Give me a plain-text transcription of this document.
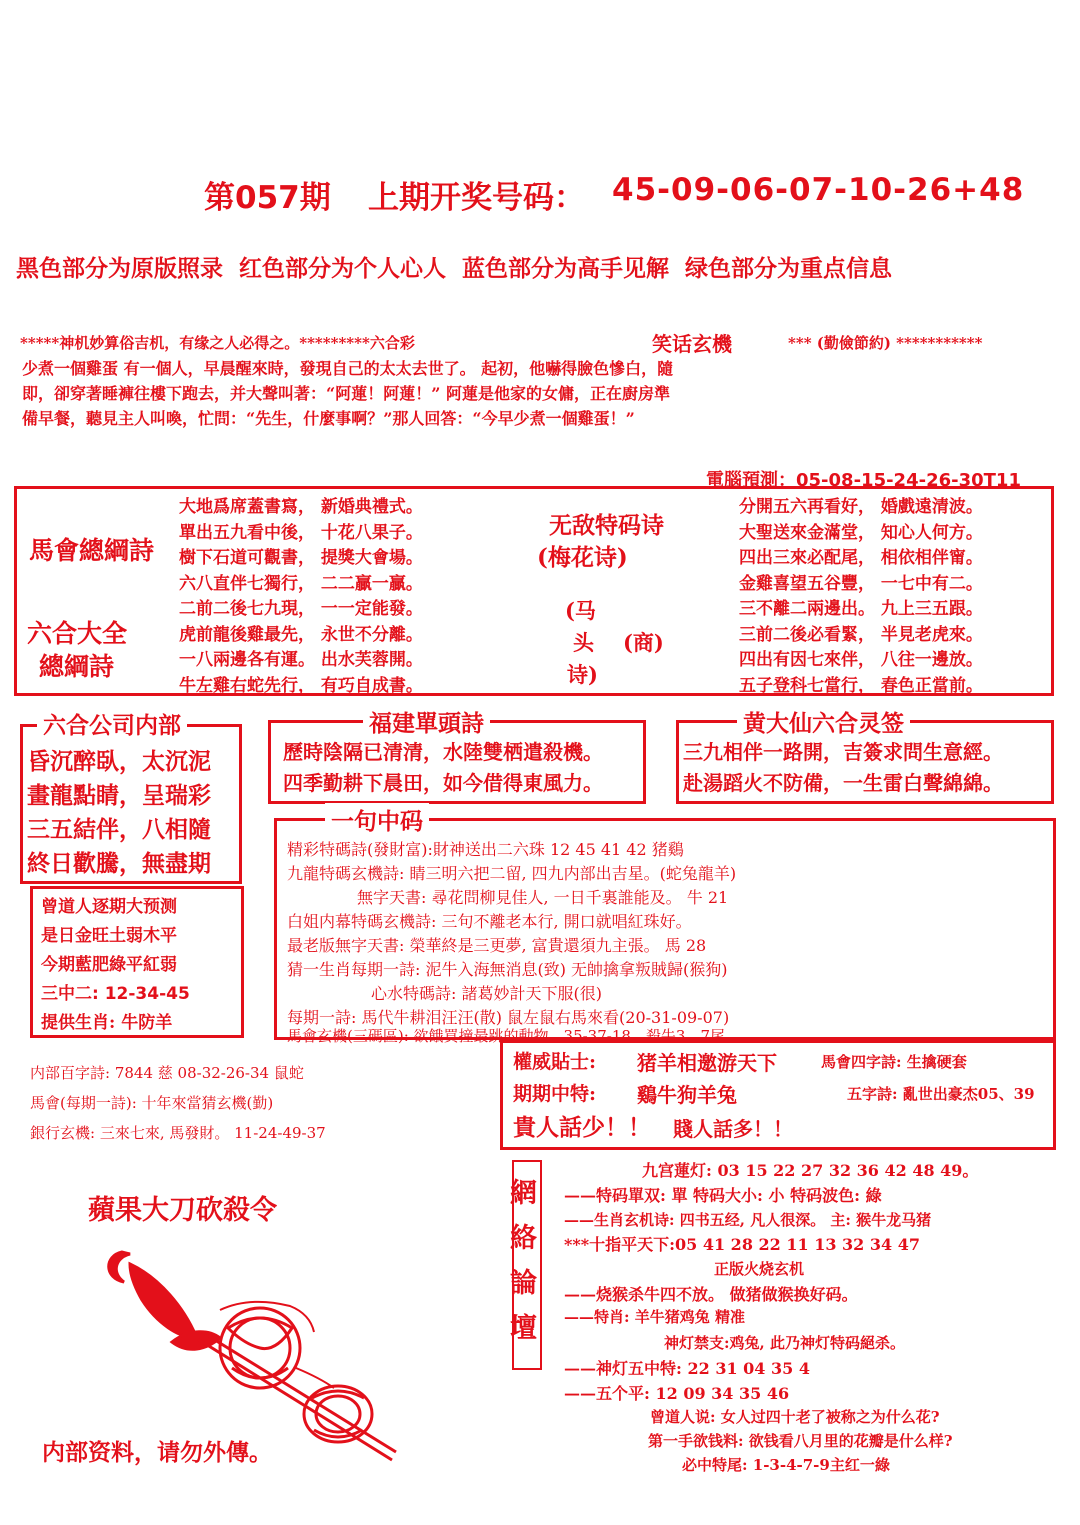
第057期 上期开奖号码： 45-09-06-07-10-26+48
黑色部分为原版照录  红色部分为个人心人  蓝色部分为高手见解  绿色部分为重点信息
*****神机妙算俗吉机，有缘之人必得之。*********六合彩	笑话玄機	*** (勤儉節約) ***********
少煮一個雞蛋 有一個人，早晨醒來時，發現自己的太太去世了。 起初，他嚇得臉色慘白，隨
即，卻穿著睡褲往樓下跑去，并大聲叫著：“阿蓮！阿蓮！” 阿蓮是他家的女傭，正在廚房準
備早餐，聽見主人叫喚，忙問：“先生，什麼事啊？”那人回答：“今早少煮一個雞蛋！”
電腦預測：05-08-15-24-26-30T11
馬會總綱詩
六合大全
總綱詩
大地爲席蓋書寫， 新婚典禮式。
單出五九看中後， 十花八果子。
樹下石道可觀書， 提獎大會場。
六八直伴七獨行， 二二贏一贏。
二前二後七九現， 一一定能發。
虎前龍後雞最先， 永世不分離。
一八兩邊各有運。 出水芙蓉開。
牛左雞右蛇先行， 有巧自成書。
无敌特码诗
(梅花诗)
(马
头
诗)
(商)
分開五六再看好， 婚戲遠清波。
大聖送來金滿堂， 知心人何方。
四出三來必配尾， 相依相伴甯。
金雞喜望五谷豐， 一七中有二。
三不離二兩邊出。 九上三五跟。
三前二後必看緊， 半見老虎來。
四出有因七來伴， 八往一邊放。
五子登科七當行， 春色正當前。
六合公司内部
昏沉醉臥，太沉泥
畫龍點睛，呈瑞彩
三五結伴，八相隨
終日歡騰，無盡期
福建單頭詩
歷時陰隔已清清，水陸雙栖遣殺機。
四季勤耕下晨田，如今借得東風力。
黄大仙六合灵签
三九相伴一路開，吉簽求問生意經。
赴湯蹈火不防備，一生雷白聲綿綿。
曾道人逐期大预测
是日金旺土弱木平
今期藍肥綠平紅弱
三中二: 12-34-45
提供生肖: 牛防羊
一句中码
精彩特碼詩(發財富):財神送出二六珠 12 45 41 42 猪鷄
九龍特碼玄機詩: 睛三明六把二留, 四九内部出吉星。(蛇兔龍羊)
無字天書: 尋花問柳見佳人, 一日千裏誰能及。 牛 21
白姐内幕特碼玄機詩: 三句不離老本行, 開口就唱紅珠好。
最老版無字天書: 榮華終是三更夢, 富貴還須九主張。 馬 28
猜一生肖每期一詩: 泥牛入海無消息(致) 无帥擒拿叛賊歸(猴狗)
心水特碼詩: 諸葛妙計天下服(很)
每期一詩: 馬代牛耕泪汪汪(散) 鼠左鼠右馬來看(20-31-09-07)
馬會玄機(三碼區): 欲餓買撞最跳的動物。35-37-18。殺牛3、7尾
内部百字詩: 7844 慈 08-32-26-34 鼠蛇
馬會(每期一詩): 十年來當猜玄機(勤)
銀行玄機: 三來七來, 馬發財。 11-24-49-37
權威貼士: 猪羊相邀游天下	馬會四字詩: 生擒硬套
期期中特: 鷄牛狗羊兔	五字詩: 亂世出豪杰05、39
貴人話少！！ 賤人話多！！
蘋果大刀砍殺令
内部资料，请勿外傳。
網絡論壇
九宫蓮灯: 03 15 22 27 32 36 42 48 49。
——特码單双: 單 特码大小: 小 特码波色: 綠
——生肖玄机诗: 四书五经, 凡人很深。 主: 猴牛龙马猪
***十指平天下:05 41 28 22 11 13 32 34 47
正版火烧玄机
——烧猴杀牛四不放。 做猪做猴换好码。
——特肖: 羊牛猪鸡兔 精准
神灯禁支:鸡兔, 此乃神灯特码絕杀。
——神灯五中特: 22 31 04 35 4
——五个平: 12 09 34 35 46
曾道人说: 女人过四十老了被称之为什么花?
第一手欲钱料: 欲钱看八月里的花瓣是什么样?
必中特尾: 1-3-4-7-9主红一綠
